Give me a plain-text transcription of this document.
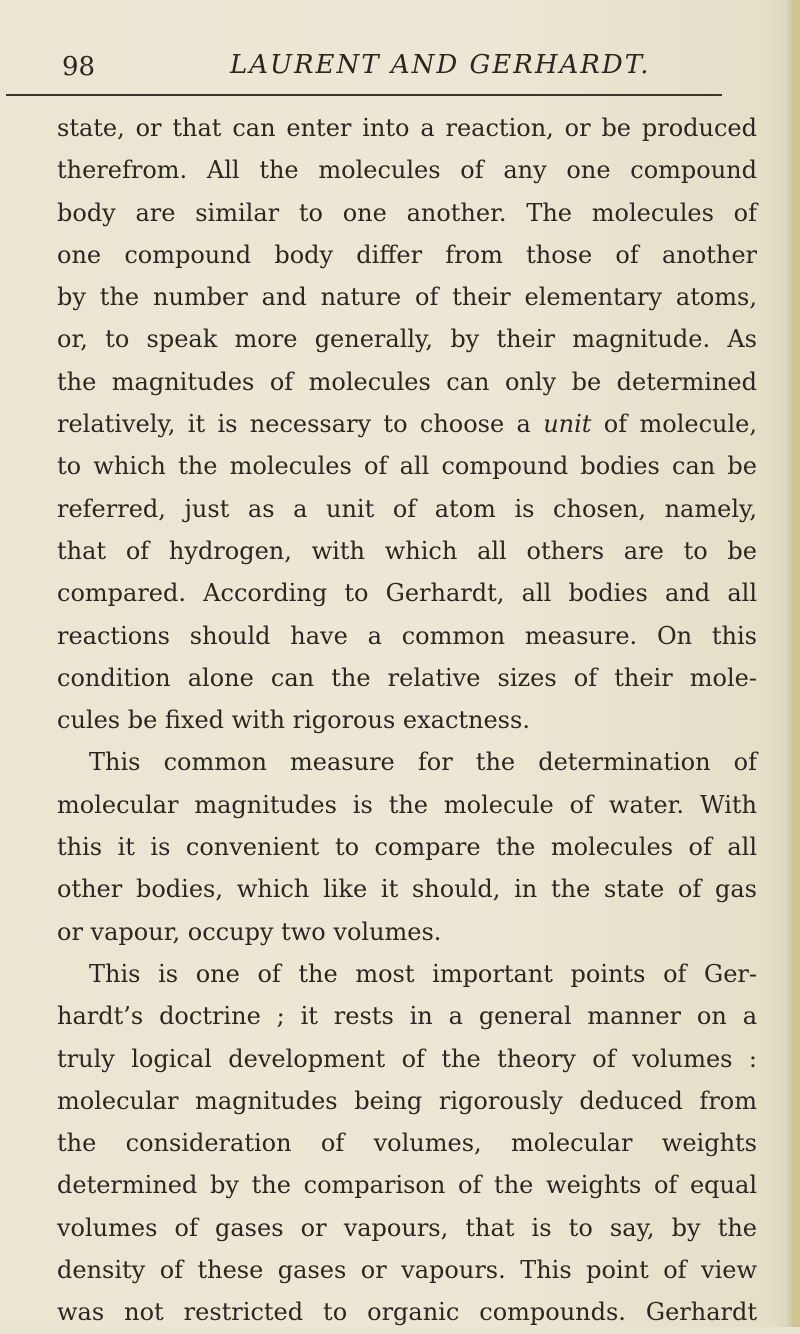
98	LAURENT AND GERHARDT.
state, or that can enter into a reaction, or be produced
therefrom. All the molecules of any one compound
body are similar to one another. The molecules of
one compound body differ from those of another
by the number and nature of their elementary atoms,
or, to speak more generally, by their magnitude. As
the magnitudes of molecules can only be determined
relatively, it is necessary to choose a unit of molecule,
to which the molecules of all compound bodies can be
referred, just as a unit of atom is chosen, namely,
that of hydrogen, with which all others are to be
compared. According to Gerhardt, all bodies and all
reactions should have a common measure. On this
condition alone can the relative sizes of their mole-
cules be fixed with rigorous exactness.
This common measure for the determination of
molecular magnitudes is the molecule of water. With
this it is convenient to compare the molecules of all
other bodies, which like it should, in the state of gas
or vapour, occupy two volumes.
This is one of the most important points of Ger-
hardt’s doctrine ; it rests in a general manner on a
truly logical development of the theory of volumes :
molecular magnitudes being rigorously deduced from
the consideration of volumes, molecular weights
determined by the comparison of the weights of equal
volumes of gases or vapours, that is to say, by the
density of these gases or vapours. This point of view
was not restricted to organic compounds. Gerhardt
